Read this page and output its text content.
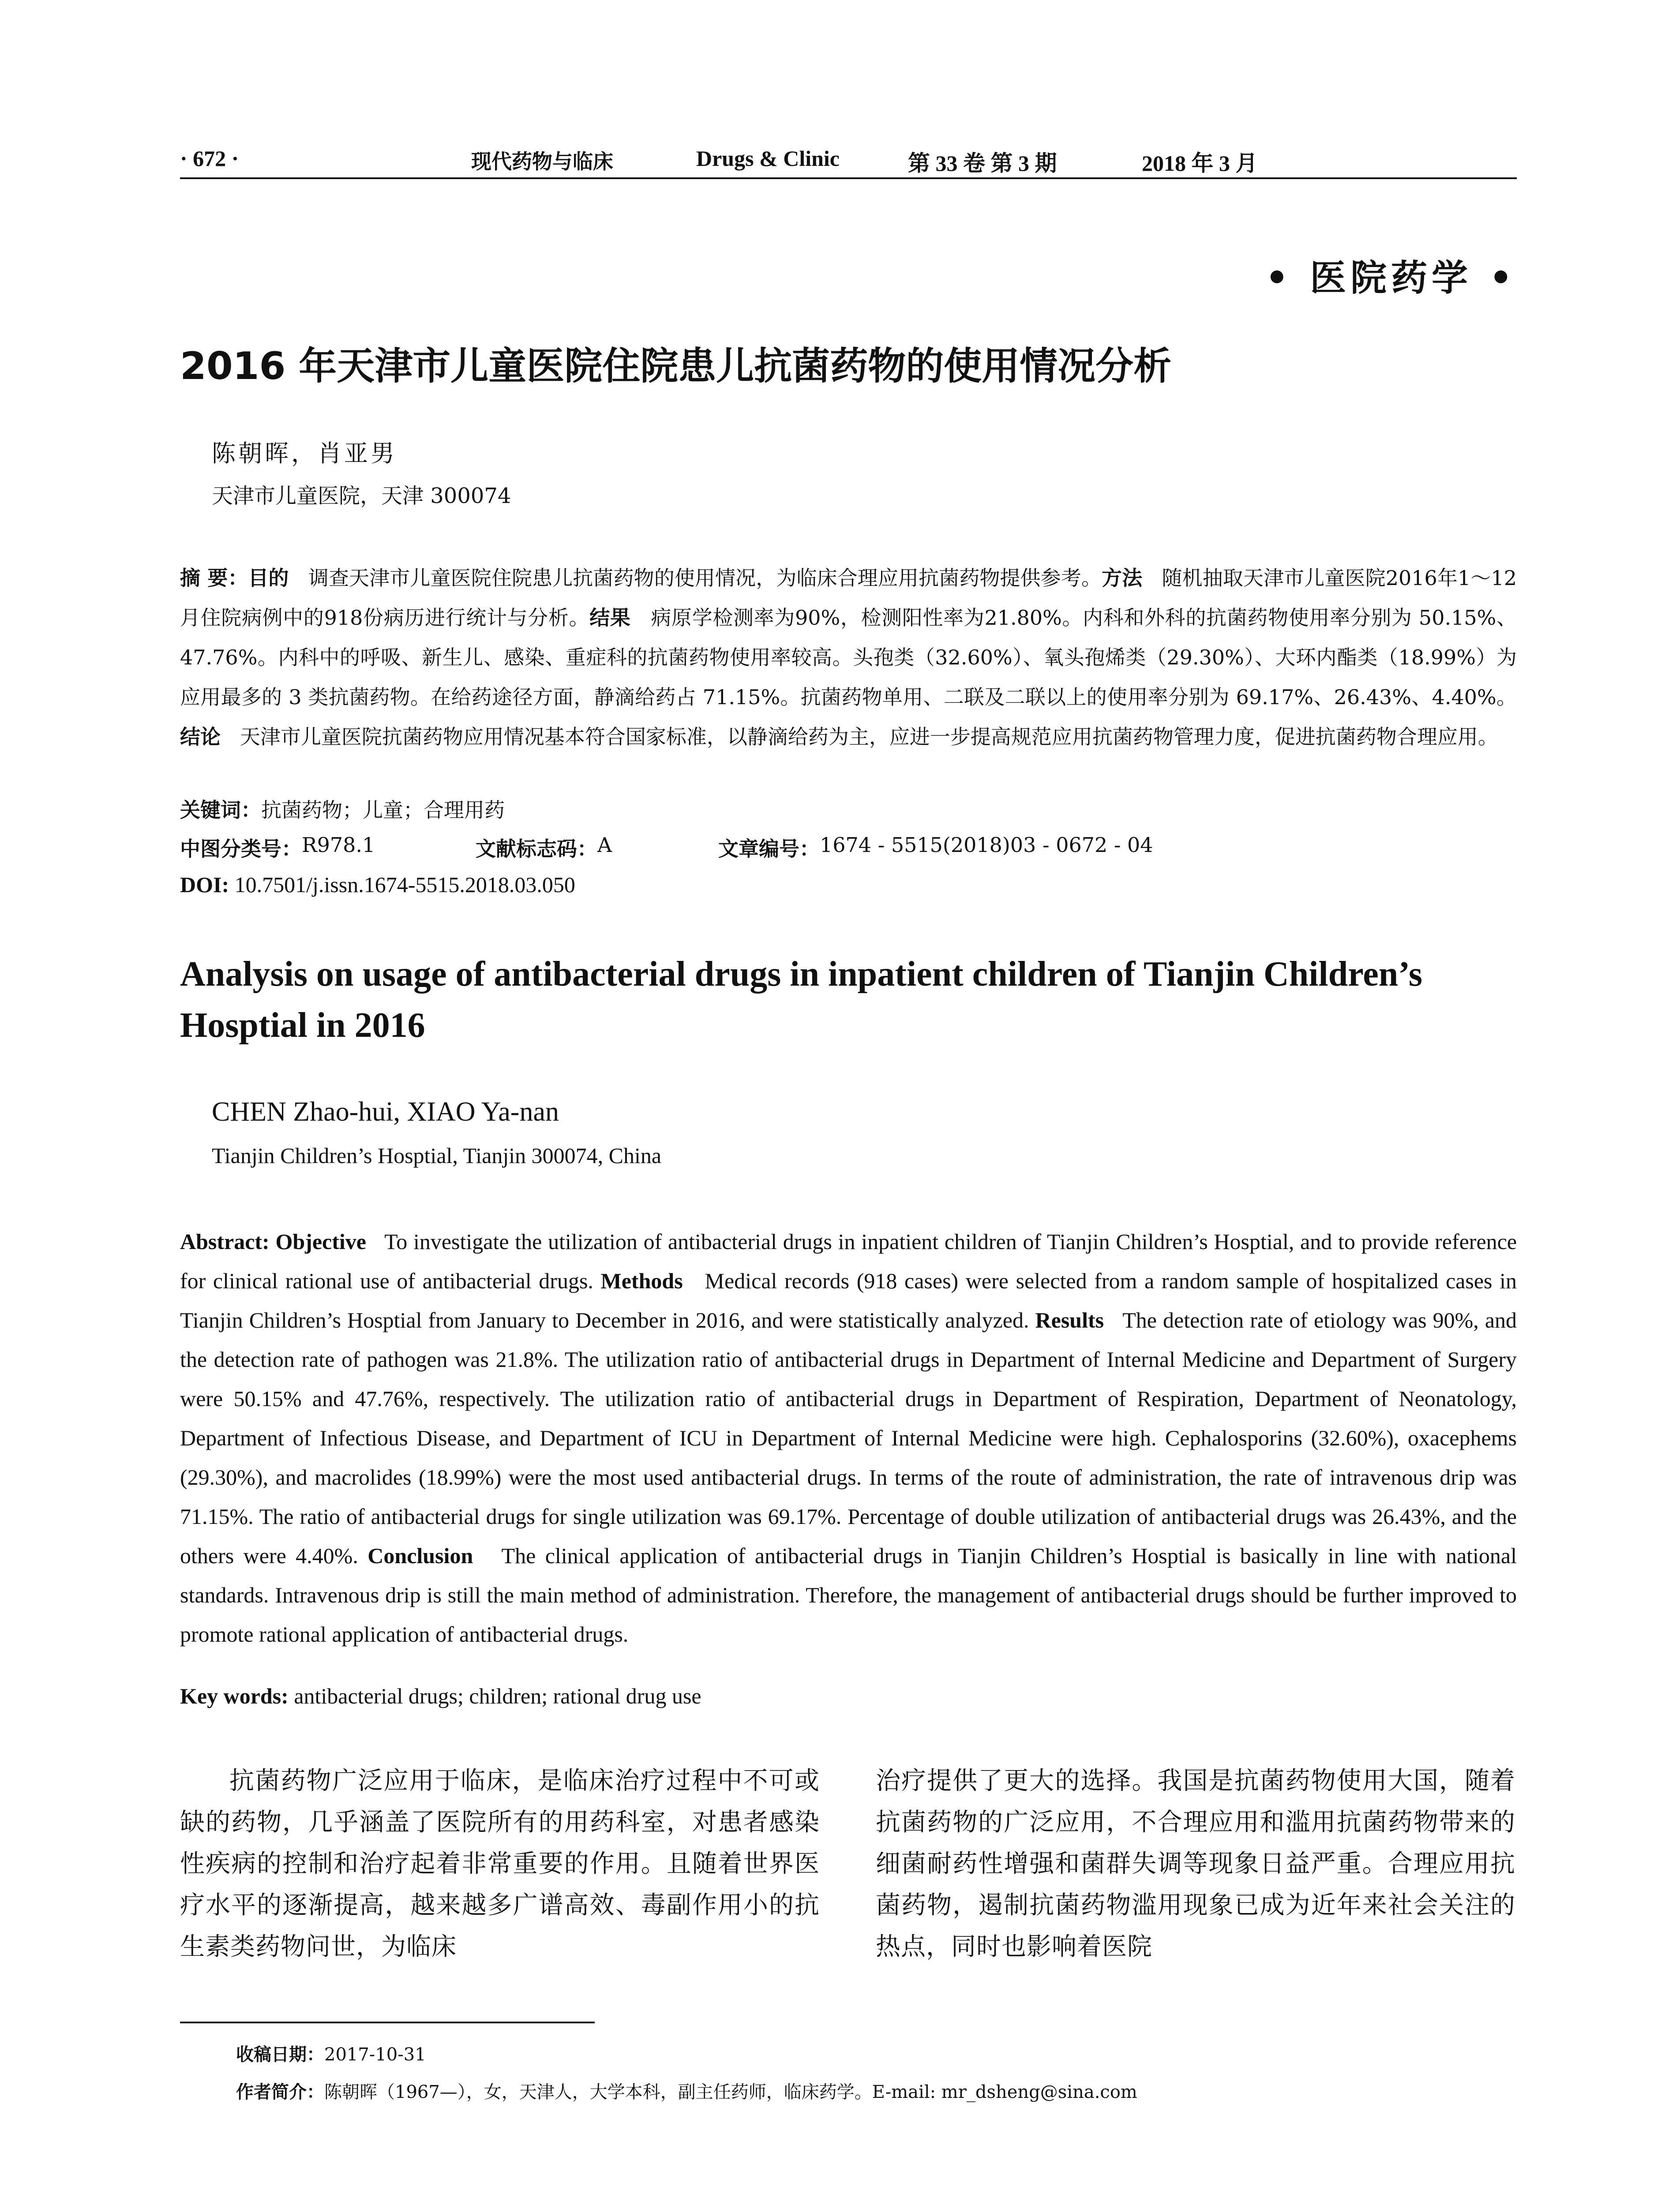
· 672 ·	现代药物与临床	Drugs & Clinic	第 33 卷 第 3 期	2018 年 3 月
• 医院药学 •
2016 年天津市儿童医院住院患儿抗菌药物的使用情况分析
陈朝晖，肖亚男
天津市儿童医院，天津 300074

摘 要：目的 调查天津市儿童医院住院患儿抗菌药物的使用情况，为临床合理应用抗菌药物提供参考。方法 随机抽取天津市儿童医院2016年1～12月住院病例中的918份病历进行统计与分析。结果 病原学检测率为90%，检测阳性率为21.80%。内科和外科的抗菌药物使用率分别为 50.15%、47.76%。内科中的呼吸、新生儿、感染、重症科的抗菌药物使用率较高。头孢类（32.60%）、氧头孢烯类（29.30%）、大环内酯类（18.99%）为应用最多的 3 类抗菌药物。在给药途径方面，静滴给药占 71.15%。抗菌药物单用、二联及二联以上的使用率分别为 69.17%、26.43%、4.40%。结论 天津市儿童医院抗菌药物应用情况基本符合国家标准，以静滴给药为主，应进一步提高规范应用抗菌药物管理力度，促进抗菌药物合理应用。

关键词：抗菌药物；儿童；合理用药
中图分类号： R978.1	文献标志码： A	文章编号： 1674 - 5515(2018)03 - 0672 - 04
DOI: 10.7501/j.issn.1674-5515.2018.03.050

Analysis on usage of antibacterial drugs in inpatient children of Tianjin Children’s Hosptial in 2016

CHEN Zhao-hui, XIAO Ya-nan
Tianjin Children’s Hosptial, Tianjin 300074, China

Abstract: Objective To investigate the utilization of antibacterial drugs in inpatient children of Tianjin Children’s Hosptial, and to provide reference for clinical rational use of antibacterial drugs. Methods Medical records (918 cases) were selected from a random sample of hospitalized cases in Tianjin Children’s Hosptial from January to December in 2016, and were statistically analyzed. Results The detection rate of etiology was 90%, and the detection rate of pathogen was 21.8%. The utilization ratio of antibacterial drugs in Department of Internal Medicine and Department of Surgery were 50.15% and 47.76%, respectively. The utilization ratio of antibacterial drugs in Department of Respiration, Department of Neonatology, Department of Infectious Disease, and Department of ICU in Department of Internal Medicine were high. Cephalosporins (32.60%), oxacephems (29.30%), and macrolides (18.99%) were the most used antibacterial drugs. In terms of the route of administration, the rate of intravenous drip was 71.15%. The ratio of antibacterial drugs for single utilization was 69.17%. Percentage of double utilization of antibacterial drugs was 26.43%, and the others were 4.40%. Conclusion The clinical application of antibacterial drugs in Tianjin Children’s Hosptial is basically in line with national standards. Intravenous drip is still the main method of administration. Therefore, the management of antibacterial drugs should be further improved to promote rational application of antibacterial drugs.

Key words: antibacterial drugs; children; rational drug use

抗菌药物广泛应用于临床，是临床治疗过程中不可或缺的药物，几乎涵盖了医院所有的用药科室，对患者感染性疾病的控制和治疗起着非常重要的作用。且随着世界医疗水平的逐渐提高，越来越多广谱高效、毒副作用小的抗生素类药物问世，为临床

治疗提供了更大的选择。我国是抗菌药物使用大国，随着抗菌药物的广泛应用，不合理应用和滥用抗菌药物带来的细菌耐药性增强和菌群失调等现象日益严重。合理应用抗菌药物，遏制抗菌药物滥用现象已成为近年来社会关注的热点，同时也影响着医院

收稿日期：2017-10-31
作者简介：陈朝晖（1967—），女，天津人，大学本科，副主任药师，临床药学。E-mail: mr_dsheng@sina.com
